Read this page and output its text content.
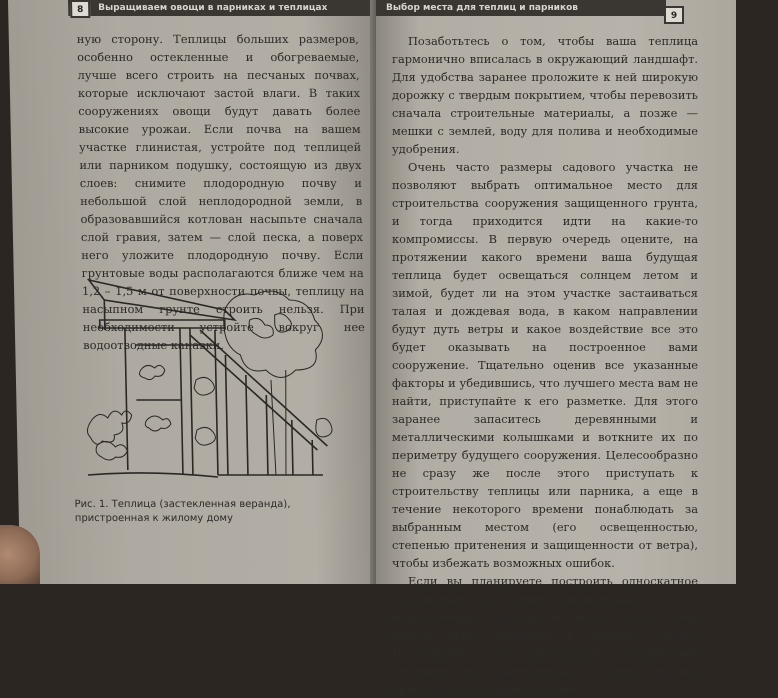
Выращиваем овощи в парниках и теплицах
8

ную сторону. Теплицы больших размеров, особенно остекленные и обогреваемые, лучше всего строить на песчаных почвах, которые исключают застой влаги. В таких сооружениях овощи будут давать более высокие урожаи. Если почва на вашем участке глинистая, устройте под теплицей или парником подушку, состоящую из двух слоев: снимите плодородную почву и небольшой слой неплодородной земли, в образовавшийся котлован насыпьте сначала слой гравия, затем — слой песка, а поверх него уложите плодородную почву. Если грунтовые воды располагаются ближе чем на 1,2 – 1,5 м от поверхности почвы, теплицу на насыпном грунте строить нельзя. При необходимости устройте вокруг нее водоотводные канавки.

Рис. 1. Теплица (застекленная веранда), пристроенная к жилому дому
Выбор места для теплиц и парников
9

Позаботьтесь о том, чтобы ваша теплица гармонично вписалась в окружающий ландшафт. Для удобства заранее проложите к ней широкую дорожку с твердым покрытием, чтобы перевозить сначала строительные материалы, а позже — мешки с землей, воду для полива и необходимые удобрения.

Очень часто размеры садового участка не позволяют выбрать оптимальное место для строительства сооружения защищенного грунта, и тогда приходится идти на какие-то компромиссы. В первую очередь оцените, на протяжении какого времени ваша будущая теплица будет освещаться солнцем летом и зимой, будет ли на этом участке застаиваться талая и дождевая вода, в каком направлении будут дуть ветры и какое воздействие все это будет оказывать на построенное вами сооружение. Тщательно оценив все указанные факторы и убедившись, что лучшего места вам не найти, приступайте к его разметке. Для этого заранее запаситесь деревянными и металлическими колышками и воткните их по периметру будущего сооружения. Целесообразно не сразу же после этого приступать к строительству теплицы или парника, а еще в течение некоторого времени понаблюдать за выбранным местом (его освещенностью, степенью притенения и защищенности от ветра), чтобы избежать возможных ошибок.

Если вы планируете построить односкатное сооружение, по длине расположите его в направлении с запада на восток так, чтобы кровля была обращена в южную сторону. Продольную ось двускатных сооружений рекомендуется ориентировать с севера на юг, при этом допустимое отклоне-
